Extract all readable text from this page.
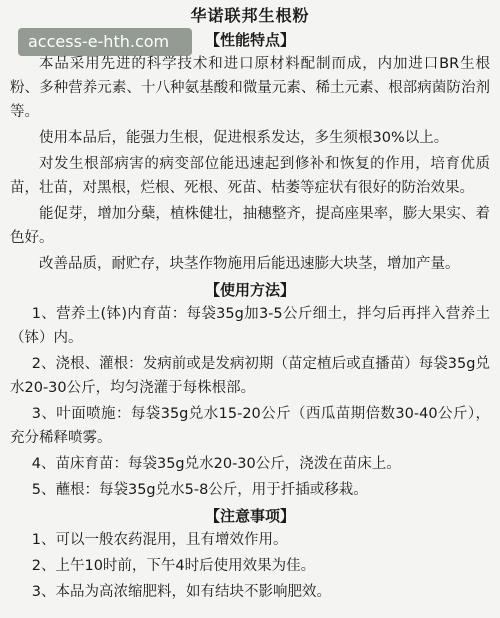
华诺联邦生根粉
【性能特点】

本品采用先进的科学技术和进口原材料配制而成，内加进口BR生根粉、多种营养元素、十八种氨基酸和微量元素、稀土元素、根部病菌防治剂等。

使用本品后，能强力生根，促进根系发达，多生须根30%以上。

对发生根部病害的病变部位能迅速起到修补和恢复的作用，培育优质苗，壮苗，对黑根，烂根、死根、死苗、枯萎等症状有很好的防治效果。

能促芽，增加分蘖，植株健壮，抽穗整齐，提高座果率，膨大果实、着色好。

改善品质，耐贮存，块茎作物施用后能迅速膨大块茎，增加产量。

【使用方法】

1、营养土(钵)内育苗：每袋35g加3-5公斤细土，拌匀后再拌入营养土（钵）内。

2、浇根、灌根：发病前或是发病初期（苗定植后或直播苗）每袋35g兑水20-30公斤，均匀浇灌于每株根部。

3、叶面喷施：每袋35g兑水15-20公斤（西瓜苗期倍数30-40公斤），充分稀释喷雾。

4、苗床育苗：每袋35g兑水20-30公斤，浇泼在苗床上。

5、蘸根：每袋35g兑水5-8公斤，用于扦插或移栽。

【注意事项】

1、可以一般农药混用，且有增效作用。

2、上午10时前，下午4时后使用效果为佳。

3、本品为高浓缩肥料，如有结块不影响肥效。

access-e-hth.com
